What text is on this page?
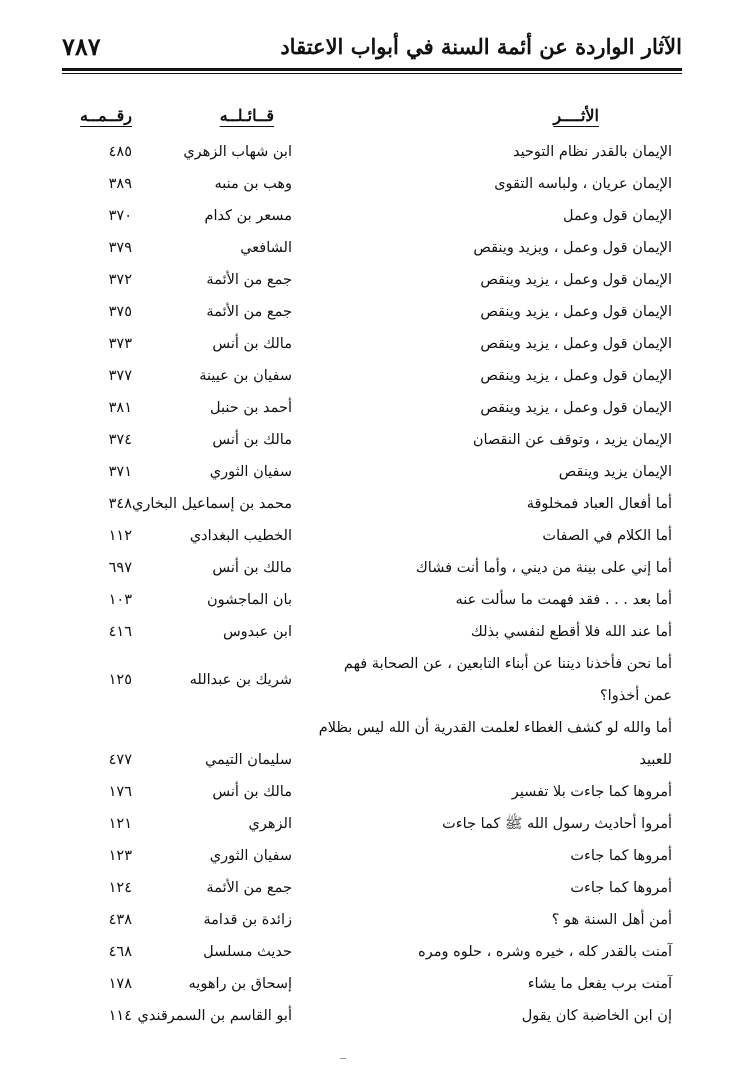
الآثار الواردة عن أئمة السنة في أبواب الاعتقاد
٧٨٧
الأثــــر
قــائـلــه
رقــمــه
الإيمان بالقدر نظام التوحيد
ابن شهاب الزهري
٤٨٥
الإيمان عريان ، ولباسه التقوى
وهب بن منبه
٣٨٩
الإيمان قول وعمل
مسعر بن كدام
٣٧٠
الإيمان قول وعمل ، ويزيد وينقص
الشافعي
٣٧٩
الإيمان قول وعمل ، يزيد وينقص
جمع من الأئمة
٣٧٢
الإيمان قول وعمل ، يزيد وينقص
جمع من الأئمة
٣٧٥
الإيمان قول وعمل ، يزيد وينقص
مالك بن أنس
٣٧٣
الإيمان قول وعمل ، يزيد وينقص
سفيان بن عيينة
٣٧٧
الإيمان قول وعمل ، يزيد وينقص
أحمد بن حنبل
٣٨١
الإيمان يزيد ، وتوقف عن النقصان
مالك بن أنس
٣٧٤
الإيمان يزيد وينقص
سفيان الثوري
٣٧١
أما أفعال العباد فمخلوقة
محمد بن إسماعيل البخاري
٣٤٨
أما الكلام في الصفات
الخطيب البغدادي
١١٢
أما إني على بينة من ديني ، وأما أنت فشاك
مالك بن أنس
٦٩٧
أما بعد . . . فقد فهمت ما سألت عنه
بان الماجشون
١٠٣
أما عند الله فلا أقطع لنفسي بذلك
ابن عبدوس
٤١٦
أما نحن فأخذنا ديننا عن أبناء التابعين ، عن الصحابة فهم عمن أخذوا؟
شريك بن عبدالله
١٢٥
أما والله لو كشف الغطاء لعلمت القدرية أن الله ليس بظلام للعبيد
سليمان التيمي
٤٧٧
أمروها كما جاءت بلا تفسير
مالك بن أنس
١٧٦
أمروا أحاديث رسول الله ﷺ كما جاءت
الزهري
١٢١
أمروها كما جاءت
سفيان الثوري
١٢٣
أمروها كما جاءت
جمع من الأئمة
١٢٤
أمن أهل السنة هو ؟
زائدة بن قدامة
٤٣٨
آمنت بالقدر كله ، خيره وشره ، حلوه ومره
حديث مسلسل
٤٦٨
آمنت برب يفعل ما يشاء
إسحاق بن راهويه
١٧٨
إن ابن الخاضبة كان يقول
أبو القاسم بن السمرقندي
١١٤
